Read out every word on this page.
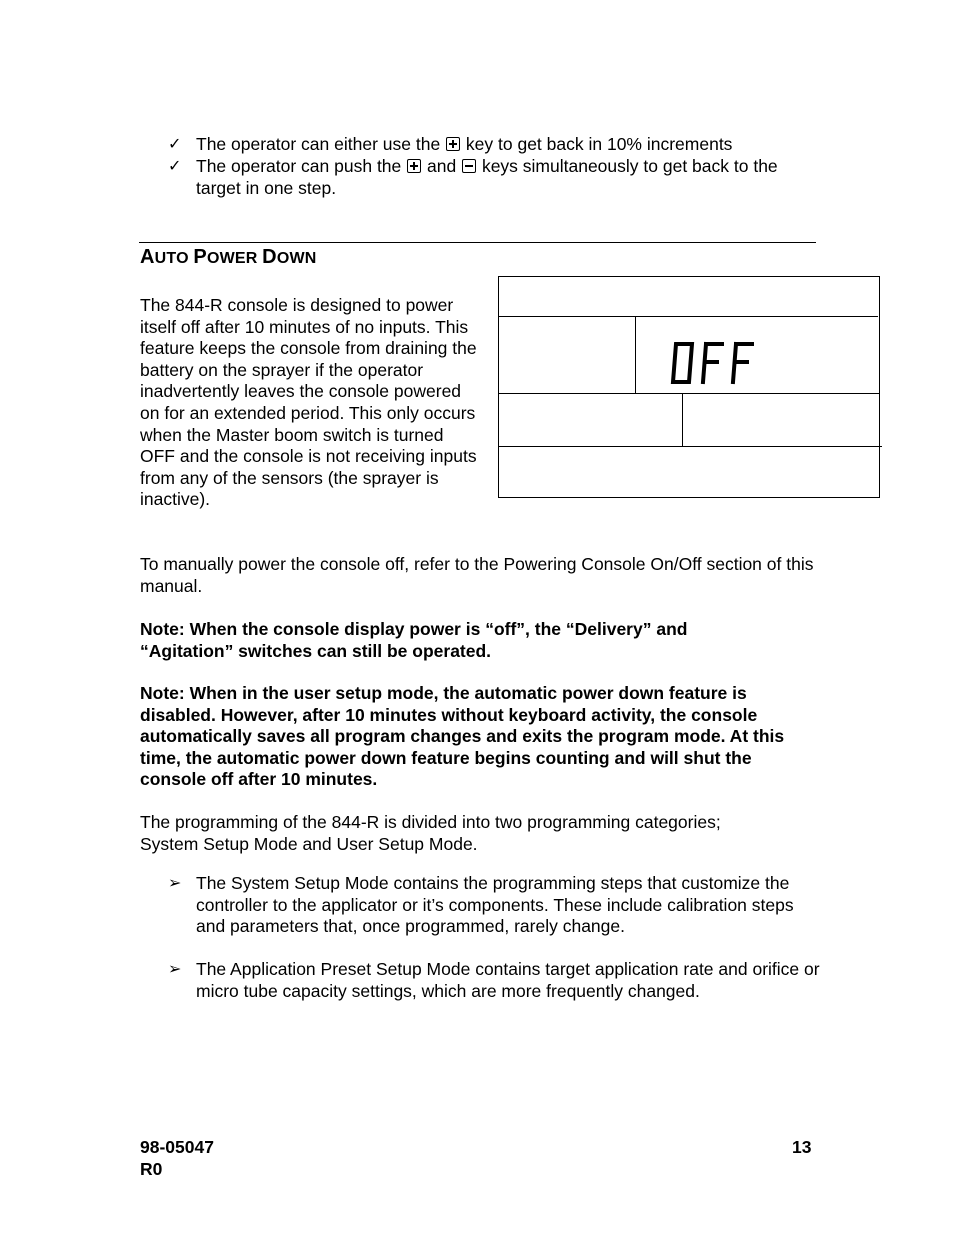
✓ The operator can either use the  key to get back in 10% increments
✓ The operator can push the  and  keys simultaneously to get back to the target in one step.
AUTO POWER DOWN
The 844-R console is designed to power itself off after 10 minutes of no inputs. This feature keeps the console from draining the battery on the sprayer if the operator inadvertently leaves the console powered on for an extended period. This only occurs when the Master boom switch is turned OFF and the console is not receiving inputs from any of the sensors (the sprayer is inactive).
To manually power the console off, refer to the Powering Console On/Off section of this manual.
Note: When the console display power is “off”, the “Delivery” and “Agitation” switches can still be operated.
Note: When in the user setup mode, the automatic power down feature is disabled. However, after 10 minutes without keyboard activity, the console automatically saves all program changes and exits the program mode. At this time, the automatic power down feature begins counting and will shut the console off after 10 minutes.
The programming of the 844-R is divided into two programming categories; System Setup Mode and User Setup Mode.
➢ The System Setup Mode contains the programming steps that customize the controller to the applicator or it’s components. These include calibration steps and parameters that, once programmed, rarely change.
➢ The Application Preset Setup Mode contains target application rate and orifice or micro tube capacity settings, which are more frequently changed.
98-05047
R0
13
